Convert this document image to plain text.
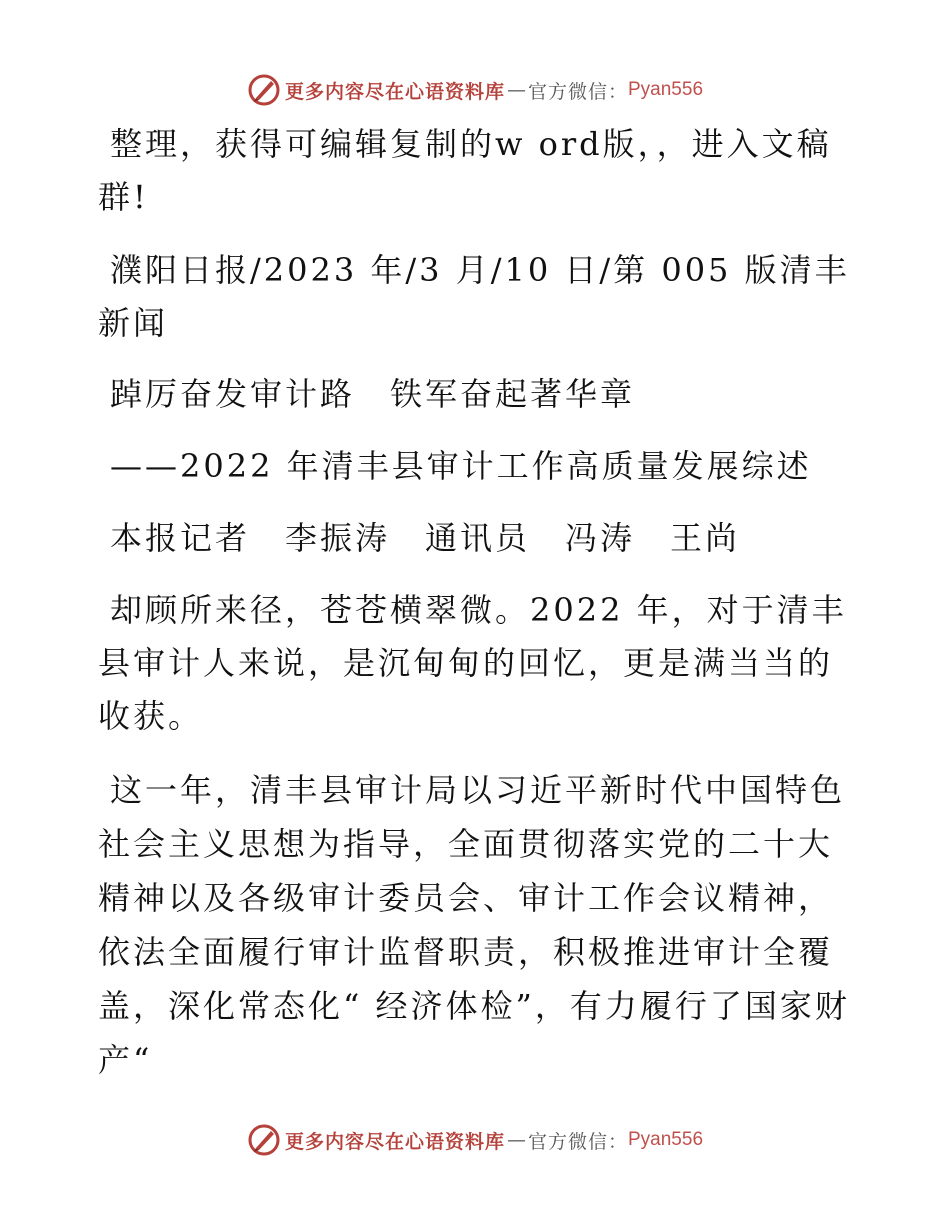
更多内容尽在心语资料库 — 官方微信： Pyan556

整理，获得可编辑复制的w ord版，，进入文稿群!

濮阳日报/2023 年/3 月/10 日/第 005 版清丰新闻

踔厉奋发审计路　铁军奋起著华章

——2022 年清丰县审计工作高质量发展综述

本报记者　李振涛　通讯员　冯涛　王尚

却顾所来径，苍苍横翠微。2022 年，对于清丰县审计人来说，是沉甸甸的回忆，更是满当当的收获。

这一年，清丰县审计局以习近平新时代中国特色社会主义思想为指导，全面贯彻落实党的二十大精神以及各级审计委员会、审计工作会议精神，依法全面履行审计监督职责，积极推进审计全覆盖，深化常态化“ 经济体检”，有力履行了国家财产“

更多内容尽在心语资料库 — 官方微信： Pyan556
